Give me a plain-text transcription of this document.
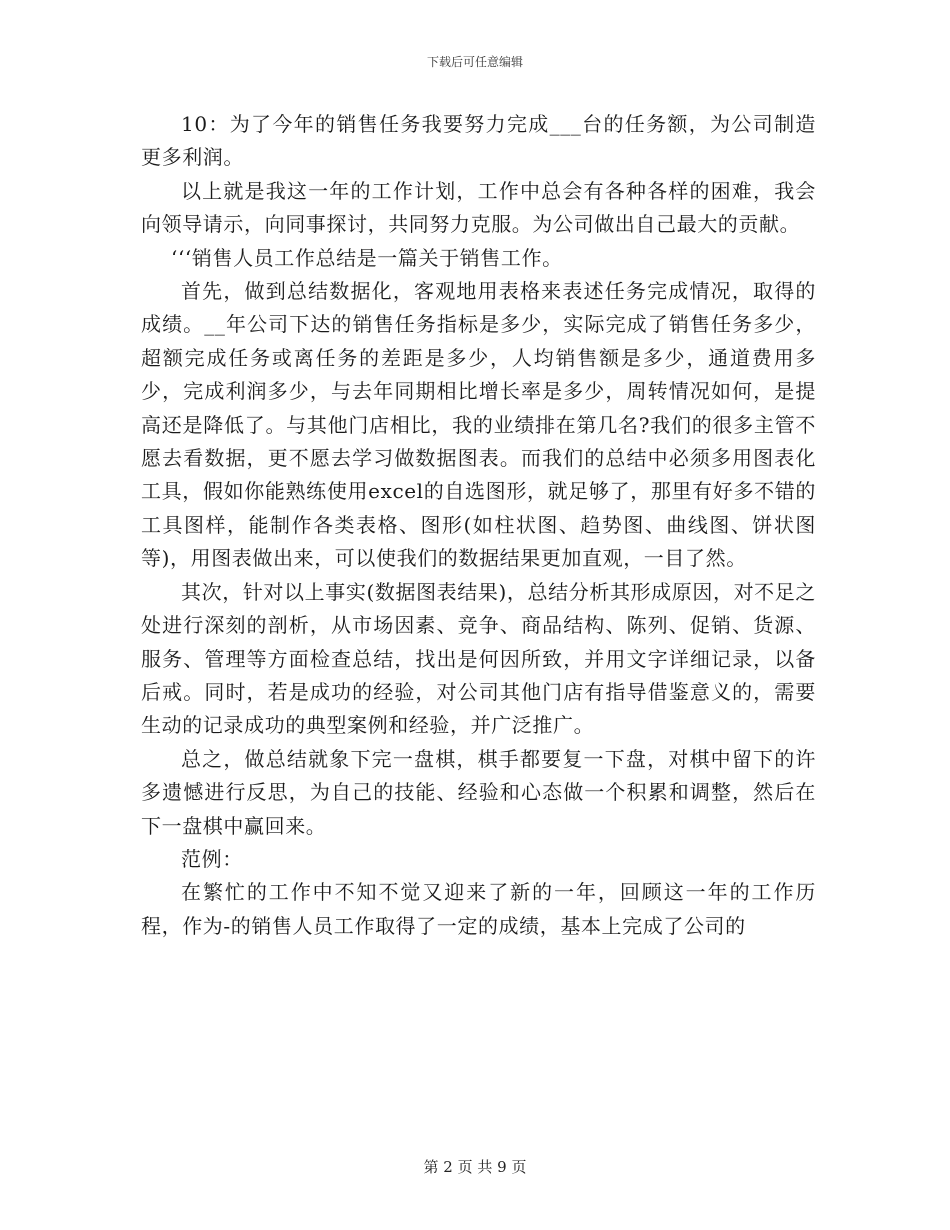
下载后可任意编辑

10：为了今年的销售任务我要努力完成___台的任务额，为公司制造更多利润。

以上就是我这一年的工作计划，工作中总会有各种各样的困难，我会向领导请示，向同事探讨，共同努力克服。为公司做出自己最大的贡献。

‘‘‘销售人员工作总结是一篇关于销售工作。

首先，做到总结数据化，客观地用表格来表述任务完成情况，取得的成绩。__年公司下达的销售任务指标是多少，实际完成了销售任务多少，超额完成任务或离任务的差距是多少，人均销售额是多少，通道费用多少，完成利润多少，与去年同期相比增长率是多少，周转情况如何，是提高还是降低了。与其他门店相比，我的业绩排在第几名?我们的很多主管不愿去看数据，更不愿去学习做数据图表。而我们的总结中必须多用图表化工具，假如你能熟练使用excel的自选图形，就足够了，那里有好多不错的工具图样，能制作各类表格、图形(如柱状图、趋势图、曲线图、饼状图等)，用图表做出来，可以使我们的数据结果更加直观，一目了然。

其次，针对以上事实(数据图表结果)，总结分析其形成原因，对不足之处进行深刻的剖析，从市场因素、竞争、商品结构、陈列、促销、货源、服务、管理等方面检查总结，找出是何因所致，并用文字详细记录，以备后戒。同时，若是成功的经验，对公司其他门店有指导借鉴意义的，需要生动的记录成功的典型案例和经验，并广泛推广。

总之，做总结就象下完一盘棋，棋手都要复一下盘，对棋中留下的许多遗憾进行反思，为自己的技能、经验和心态做一个积累和调整，然后在下一盘棋中赢回来。

范例：

在繁忙的工作中不知不觉又迎来了新的一年，回顾这一年的工作历程，作为-的销售人员工作取得了一定的成绩，基本上完成了公司的

第 2 页 共 9 页
